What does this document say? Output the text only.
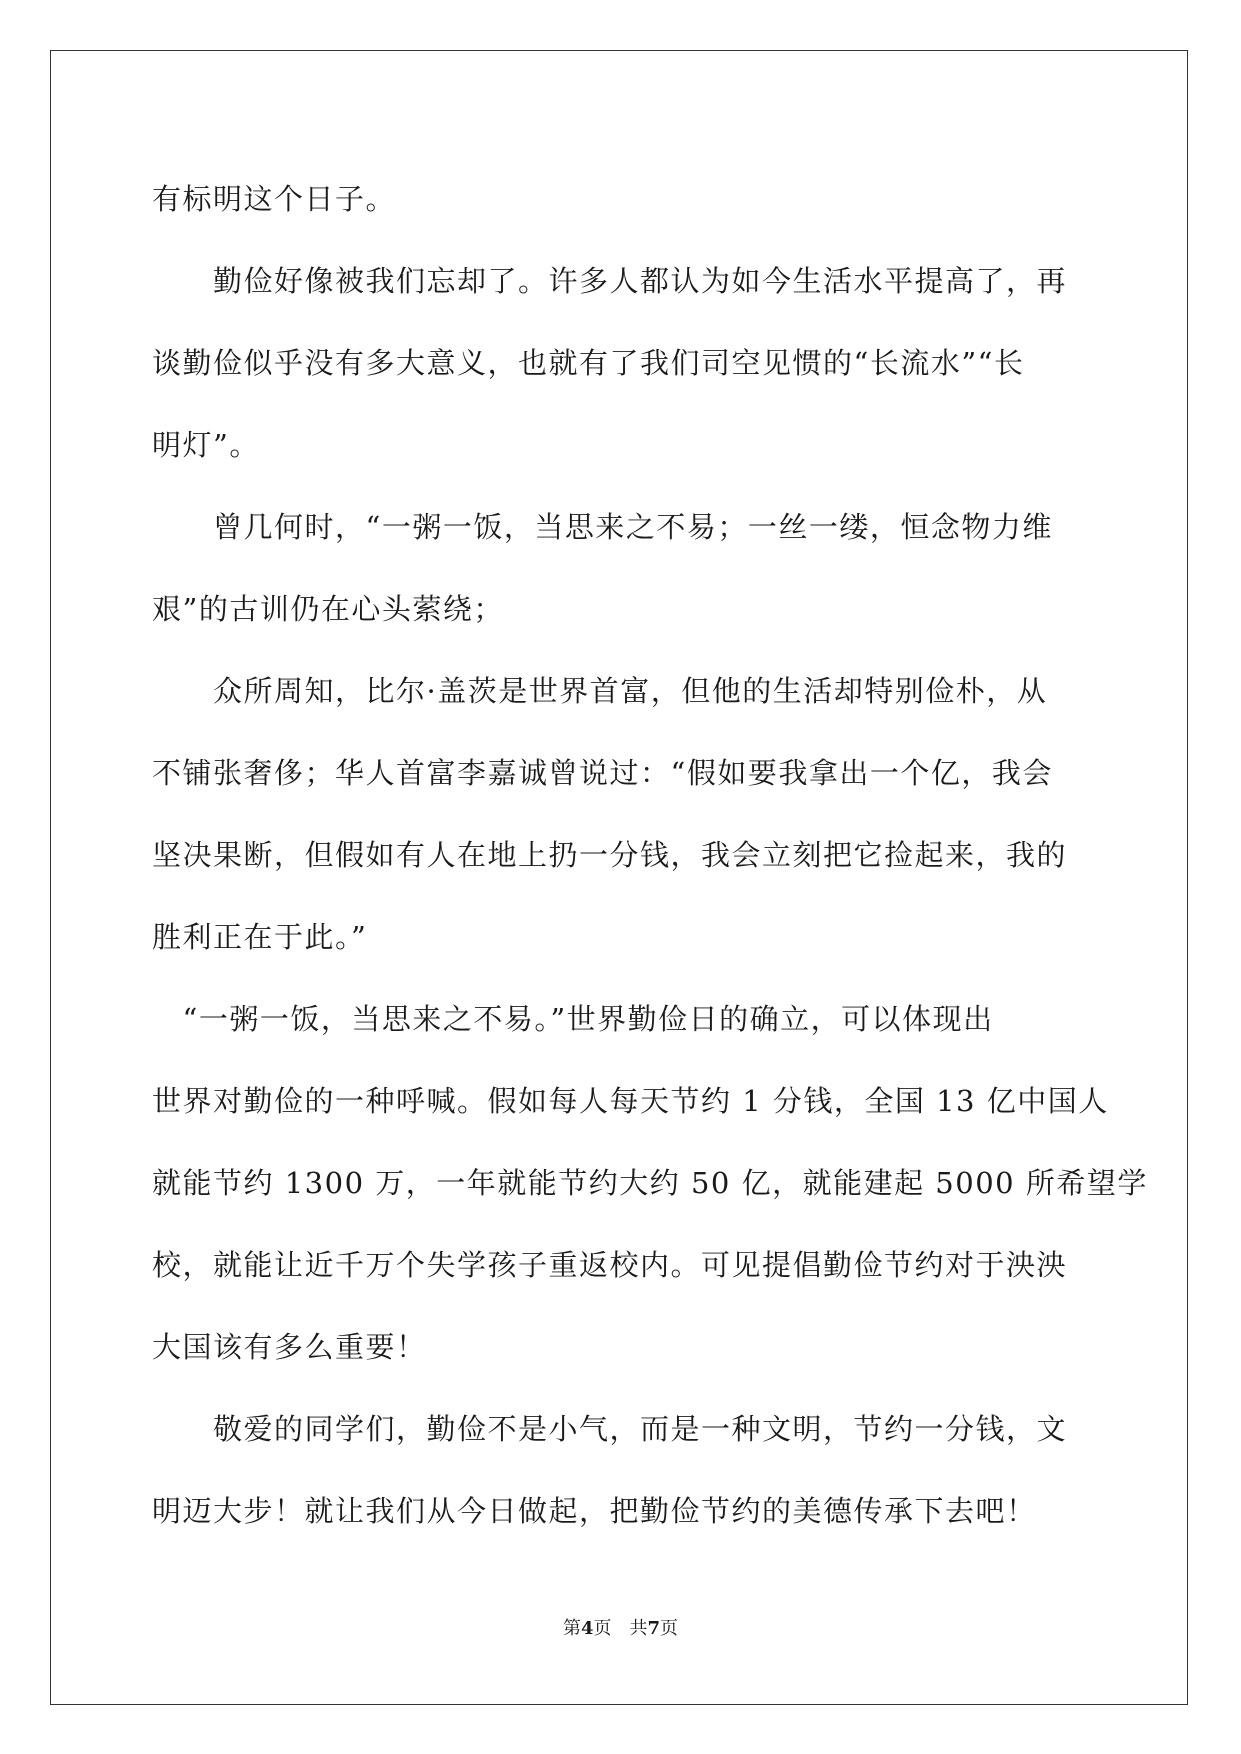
有标明这个日子。
　　勤俭好像被我们忘却了。许多人都认为如今生活水平提高了，再
谈勤俭似乎没有多大意义，也就有了我们司空见惯的“长流水”“长
明灯”。
　　曾几何时，“一粥一饭，当思来之不易；一丝一缕，恒念物力维
艰”的古训仍在心头萦绕；
　　众所周知，比尔·盖茨是世界首富，但他的生活却特别俭朴，从
不铺张奢侈；华人首富李嘉诚曾说过：“假如要我拿出一个亿，我会
坚决果断，但假如有人在地上扔一分钱，我会立刻把它捡起来，我的
胜利正在于此。”
　“一粥一饭，当思来之不易。”世界勤俭日的确立，可以体现出
世界对勤俭的一种呼喊。假如每人每天节约 1 分钱，全国 13 亿中国人
就能节约 1300 万，一年就能节约大约 50 亿，就能建起 5000 所希望学
校，就能让近千万个失学孩子重返校内。可见提倡勤俭节约对于泱泱
大国该有多么重要！
　　敬爱的同学们，勤俭不是小气，而是一种文明，节约一分钱，文
明迈大步！就让我们从今日做起，把勤俭节约的美德传承下去吧！
第4页　共7页
